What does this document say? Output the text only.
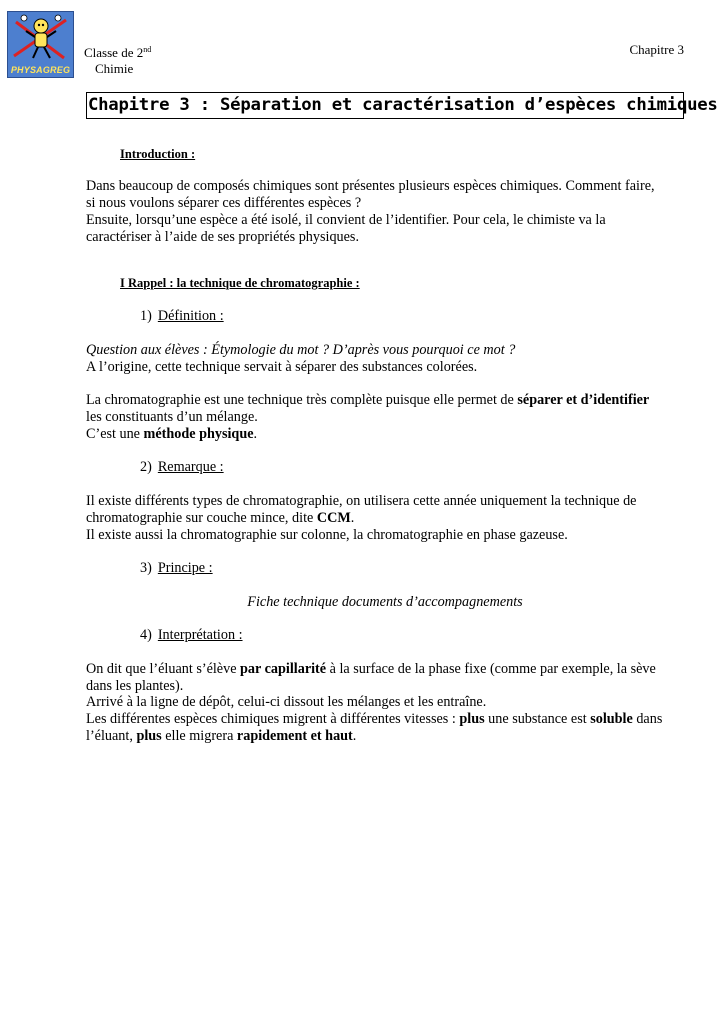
PHYSAGREG
Classe de 2nd
Chimie
Chapitre 3
Chapitre 3 : Séparation et caractérisation d’espèces chimiques
Introduction :
Dans beaucoup de composés chimiques sont présentes plusieurs espèces chimiques. Comment faire,
si nous voulons séparer ces différentes espèces ?
Ensuite, lorsqu’une espèce a été isolé, il convient de l’identifier. Pour cela, le chimiste va la
caractériser à l’aide de ses propriétés physiques.
I Rappel : la technique de chromatographie :
1) Définition :
Question aux élèves : Étymologie du mot ? D’après vous pourquoi ce mot ?
A l’origine, cette technique servait à séparer des substances colorées.
La chromatographie est une technique très complète puisque elle permet de séparer et d’identifier
les constituants d’un mélange.
C’est une méthode physique.
2) Remarque :
Il existe différents types de chromatographie, on utilisera cette année uniquement la technique de
chromatographie sur couche mince, dite CCM.
Il existe aussi la chromatographie sur colonne, la chromatographie en phase gazeuse.
3) Principe :
Fiche technique documents d’accompagnements
4) Interprétation :
On dit que l’éluant s’élève par capillarité à la surface de la phase fixe (comme par exemple, la sève
dans les plantes).
Arrivé à la ligne de dépôt, celui-ci dissout les mélanges et les entraîne.
Les différentes espèces chimiques migrent à différentes vitesses : plus une substance est soluble dans
l’éluant, plus elle migrera rapidement et haut.
